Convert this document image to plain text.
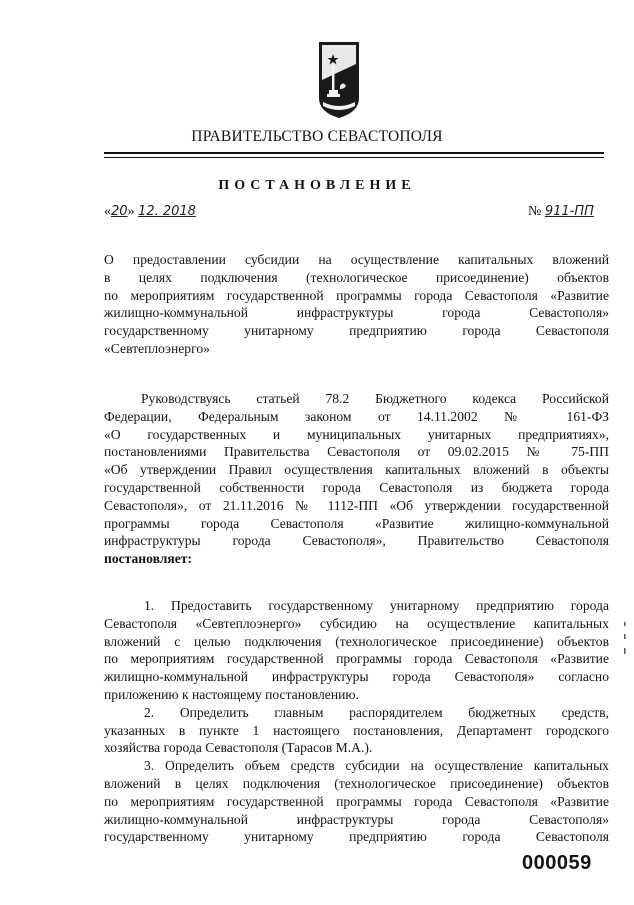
ПРАВИТЕЛЬСТВО СЕВАСТОПОЛЯ
ПОСТАНОВЛЕНИЕ
«20» 12. 2018	№ 911-ПП
О предоставлении субсидии на осуществление капитальных вложений
в целях подключения (технологическое присоединение) объектов
по мероприятиям государственной программы города Севастополя «Развитие
жилищно-коммунальной инфраструктуры города Севастополя»
государственному унитарному предприятию города Севастополя
«Севтеплоэнерго»
Руководствуясь статьей 78.2 Бюджетного кодекса Российской
Федерации, Федеральным законом от 14.11.2002 № 161-ФЗ
«О государственных и муниципальных унитарных предприятиях»,
постановлениями Правительства Севастополя от 09.02.2015 № 75-ПП
«Об утверждении Правил осуществления капитальных вложений в объекты
государственной собственности города Севастополя из бюджета города
Севастополя», от 21.11.2016 № 1112-ПП «Об утверждении государственной
программы города Севастополя «Развитие жилищно-коммунальной
инфраструктуры города Севастополя», Правительство Севастополя
постановляет:
1. Предоставить государственному унитарному предприятию города
Севастополя «Севтеплоэнерго» субсидию на осуществление капитальных
вложений с целью подключения (технологическое присоединение) объектов
по мероприятиям государственной программы города Севастополя «Развитие
жилищно-коммунальной инфраструктуры города Севастополя» согласно
приложению к настоящему постановлению.
2. Определить главным распорядителем бюджетных средств,
указанных в пункте 1 настоящего постановления, Департамент городского
хозяйства города Севастополя (Тарасов М.А.).
3. Определить объем средств субсидии на осуществление капитальных
вложений в целях подключения (технологическое присоединение) объектов
по мероприятиям государственной программы города Севастополя «Развитие
жилищно-коммунальной инфраструктуры города Севастополя»
государственному унитарному предприятию города Севастополя
000059
